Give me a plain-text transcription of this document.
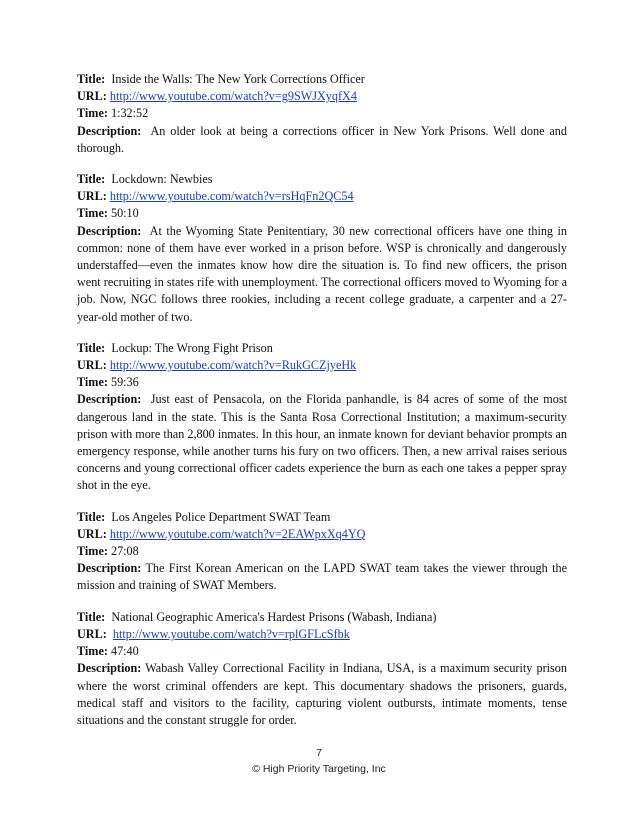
Title: Inside the Walls: The New York Corrections Officer
URL: http://www.youtube.com/watch?v=g9SWJXyqfX4
Time: 1:32:52
Description: An older look at being a corrections officer in New York Prisons. Well done and thorough.
Title: Lockdown: Newbies
URL: http://www.youtube.com/watch?v=rsHqFn2QC54
Time: 50:10
Description: At the Wyoming State Penitentiary, 30 new correctional officers have one thing in common: none of them have ever worked in a prison before. WSP is chronically and dangerously understaffed—even the inmates know how dire the situation is. To find new officers, the prison went recruiting in states rife with unemployment. The correctional officers moved to Wyoming for a job. Now, NGC follows three rookies, including a recent college graduate, a carpenter and a 27-year-old mother of two.
Title: Lockup: The Wrong Fight Prison
URL: http://www.youtube.com/watch?v=RukGCZjyeHk
Time: 59:36
Description: Just east of Pensacola, on the Florida panhandle, is 84 acres of some of the most dangerous land in the state. This is the Santa Rosa Correctional Institution; a maximum-security prison with more than 2,800 inmates. In this hour, an inmate known for deviant behavior prompts an emergency response, while another turns his fury on two officers. Then, a new arrival raises serious concerns and young correctional officer cadets experience the burn as each one takes a pepper spray shot in the eye.
Title: Los Angeles Police Department SWAT Team
URL: http://www.youtube.com/watch?v=2EAWpxXq4YQ
Time: 27:08
Description: The First Korean American on the LAPD SWAT team takes the viewer through the mission and training of SWAT Members.
Title: National Geographic America's Hardest Prisons (Wabash, Indiana)
URL: http://www.youtube.com/watch?v=rplGFLcSfbk
Time: 47:40
Description: Wabash Valley Correctional Facility in Indiana, USA, is a maximum security prison where the worst criminal offenders are kept. This documentary shadows the prisoners, guards, medical staff and visitors to the facility, capturing violent outbursts, intimate moments, tense situations and the constant struggle for order.
7
© High Priority Targeting, Inc
